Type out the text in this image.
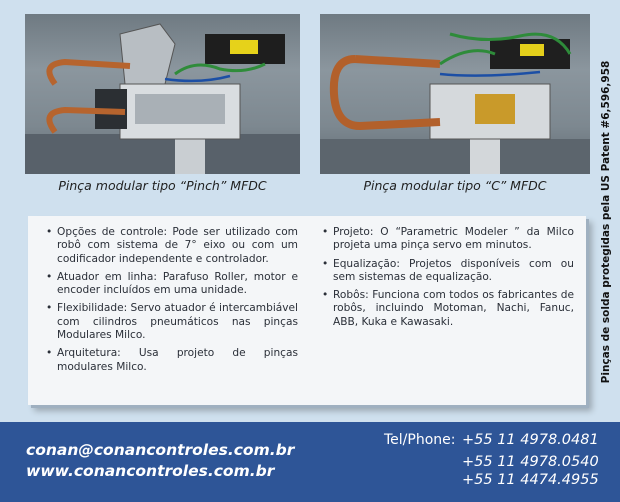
Pinça modular tipo “Pinch” MFDC	Pinça modular tipo “C” MFDC	Pinças de solda protegidas pela US Patent #6,596,958
• Opções de controle: Pode ser utilizado com robô com sistema de 7° eixo ou com um codificador independente e controlador.
• Atuador em linha: Parafuso Roller, motor e encoder incluídos em uma unidade.
• Flexibilidade: Servo atuador é intercambiável com cilindros pneumáticos nas pinças Modulares Milco.
• Arquitetura: Usa projeto de pinças modulares Milco.
• Projeto: O “Parametric Modeler ” da Milco projeta uma pinça servo em minutos.
• Equalização: Projetos disponíveis com ou sem sistemas de equalização.
• Robôs: Funciona com todos os fabricantes de robôs, incluindo Motoman, Nachi, Fanuc, ABB, Kuka e Kawasaki.
conan@conancontroles.com.br
www.conancontroles.com.br
Tel/Phone: +55 11 4978.0481
+55 11 4978.0540
+55 11 4474.4955
